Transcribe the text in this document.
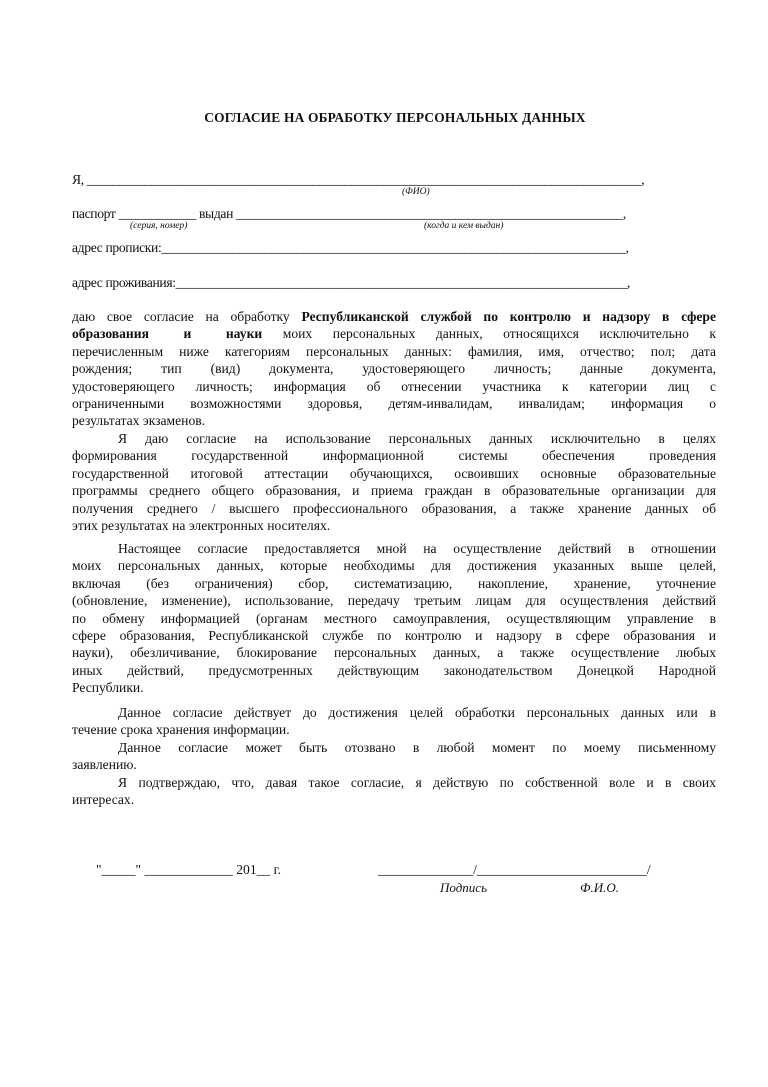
СОГЛАСИЕ НА ОБРАБОТКУ ПЕРСОНАЛЬНЫХ ДАННЫХ
Я, ______________________________________________________________________________________,
(ФИО)
паспорт ____________ выдан ____________________________________________________________,
(серия, номер)	(когда и кем выдан)
адрес прописки:________________________________________________________________________,
адрес проживания:______________________________________________________________________,
даю свое согласие на обработку Республиканской службой по контролю и надзору в сфере
образования и науки моих персональных данных, относящихся исключительно к
перечисленным ниже категориям персональных данных: фамилия, имя, отчество; пол; дата
рождения; тип (вид) документа, удостоверяющего личность; данные документа,
удостоверяющего личность; информация об отнесении участника к категории лиц с
ограниченными возможностями здоровья, детям-инвалидам, инвалидам; информация о
результатах экзаменов.
Я даю согласие на использование персональных данных исключительно в целях
формирования государственной информационной системы обеспечения проведения
государственной итоговой аттестации обучающихся, освоивших основные образовательные
программы среднего общего образования, и приема граждан в образовательные организации для
получения среднего / высшего профессионального образования, а также хранение данных об
этих результатах на электронных носителях.
Настоящее согласие предоставляется мной на осуществление действий в отношении
моих персональных данных, которые необходимы для достижения указанных выше целей,
включая (без ограничения) сбор, систематизацию, накопление, хранение, уточнение
(обновление, изменение), использование, передачу третьим лицам для осуществления действий
по обмену информацией (органам местного самоуправления, осуществляющим управление в
сфере образования, Республиканской службе по контролю и надзору в сфере образования и
науки), обезличивание, блокирование персональных данных, а также осуществление любых
иных действий, предусмотренных действующим законодательством Донецкой Народной
Республики.
Данное согласие действует до достижения целей обработки персональных данных или в
течение срока хранения информации.
Данное согласие может быть отозвано в любой момент по моему письменному
заявлению.
Я подтверждаю, что, давая такое согласие, я действую по собственной воле и в своих
интересах.
"_____" _____________ 201__ г.	______________/_________________________/
Подпись	Ф.И.О.
